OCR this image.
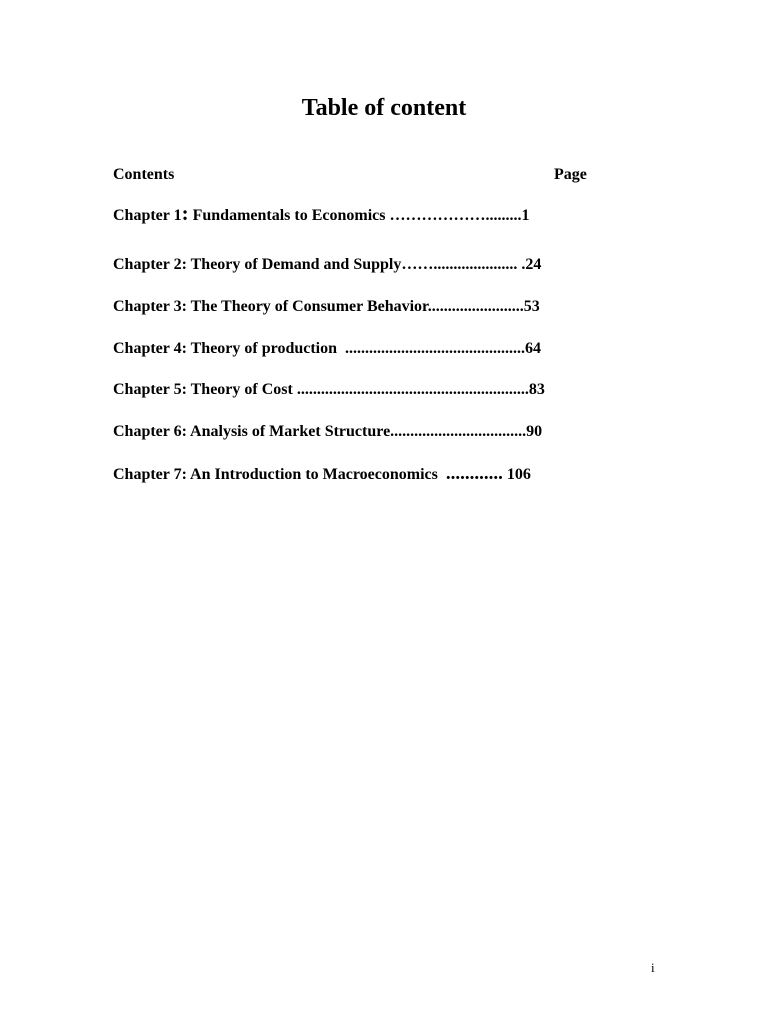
Table of content
Contents	Page
Chapter 1: Fundamentals to Economics ……………….........1
Chapter 2: Theory of Demand and Supply……..................... .24
Chapter 3: The Theory of Consumer Behavior........................53
Chapter 4: Theory of production  .............................................64
Chapter 5: Theory of Cost ..........................................................83
Chapter 6: Analysis of Market Structure..................................90
Chapter 7: An Introduction to Macroeconomics  ............ 106
i
